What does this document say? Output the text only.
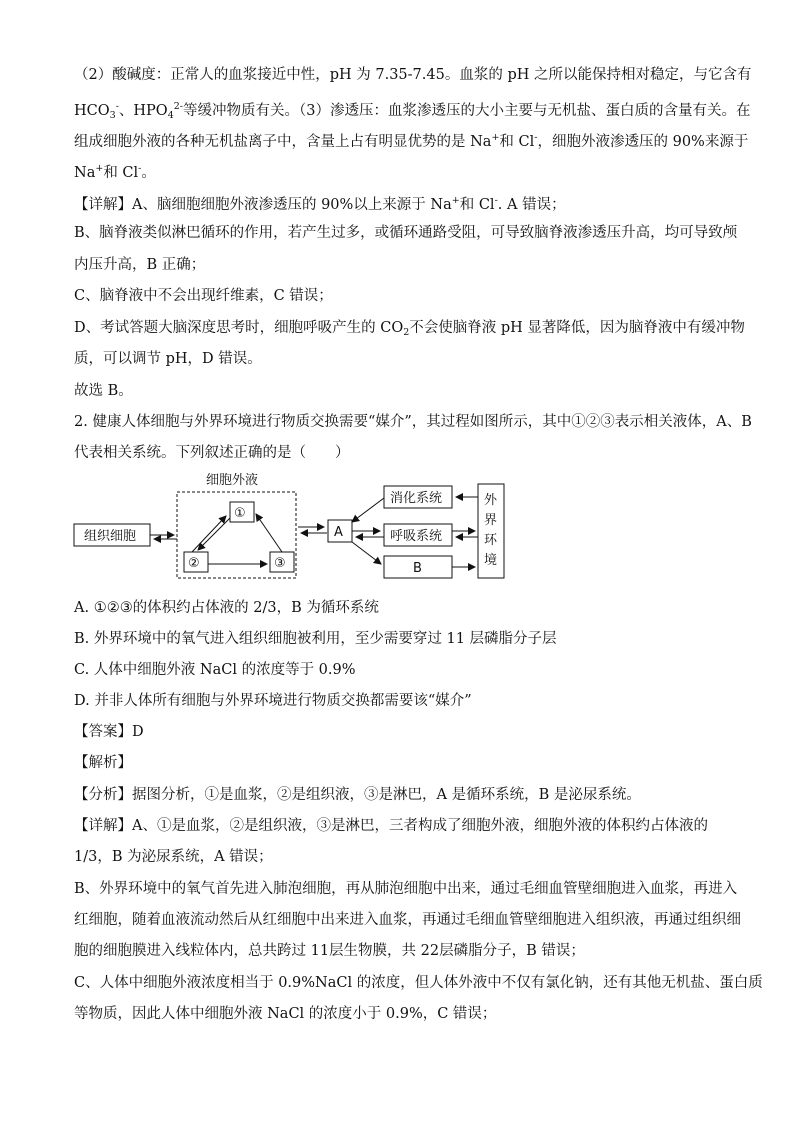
（2）酸碱度：正常人的血浆接近中性，pH 为 7.35-7.45。血浆的 pH 之所以能保持相对稳定，与它含有
$HCO_3^-$、$HPO_4^{2-}$等缓冲物质有关。（3）渗透压：血浆渗透压的大小主要与无机盐、蛋白质的含量有关。在
组成细胞外液的各种无机盐离子中，含量上占有明显优势的是 Na+和 Cl-，细胞外液渗透压的 90%来源于
Na+和 Cl-。
【详解】A、脑细胞细胞外液渗透压的 90%以上来源于 Na+和 Cl-. A 错误；
B、脑脊液类似淋巴循环的作用，若产生过多，或循环通路受阻，可导致脑脊液渗透压升高，均可导致颅
内压升高，B 正确；
C、脑脊液中不会出现纤维素，C 错误；
D、考试答题大脑深度思考时，细胞呼吸产生的 $CO_2$不会使脑脊液 pH 显著降低，因为脑脊液中有缓冲物
质，可以调节 pH，D 错误。
故选 B。
2. 健康人体细胞与外界环境进行物质交换需要“媒介”，其过程如图所示，其中①②③表示相关液体，A、B
代表相关系统。下列叙述正确的是（　　）
细胞外液
组织细胞
①
②	③
A
消化系统
呼吸系统
B
外
界
环
境
A. ①②③的体积约占体液的 2/3，B 为循环系统
B. 外界环境中的氧气进入组织细胞被利用，至少需要穿过 11 层磷脂分子层
C. 人体中细胞外液 NaCl 的浓度等于 0.9%
D. 并非人体所有细胞与外界环境进行物质交换都需要该“媒介”
【答案】D
【解析】
【分析】据图分析，①是血浆，②是组织液，③是淋巴，A 是循环系统，B 是泌尿系统。
【详解】A、①是血浆，②是组织液，③是淋巴，三者构成了细胞外液，细胞外液的体积约占体液的
1/3，B 为泌尿系统，A 错误；
B、外界环境中的氧气首先进入肺泡细胞，再从肺泡细胞中出来，通过毛细血管壁细胞进入血浆，再进入
红细胞，随着血液流动然后从红细胞中出来进入血浆，再通过毛细血管壁细胞进入组织液，再通过组织细
胞的细胞膜进入线粒体内，总共跨过 11层生物膜，共 22层磷脂分子，B 错误；
C、人体中细胞外液浓度相当于 0.9%NaCl 的浓度，但人体外液中不仅有氯化钠，还有其他无机盐、蛋白质
等物质，因此人体中细胞外液 NaCl 的浓度小于 0.9%，C 错误；
